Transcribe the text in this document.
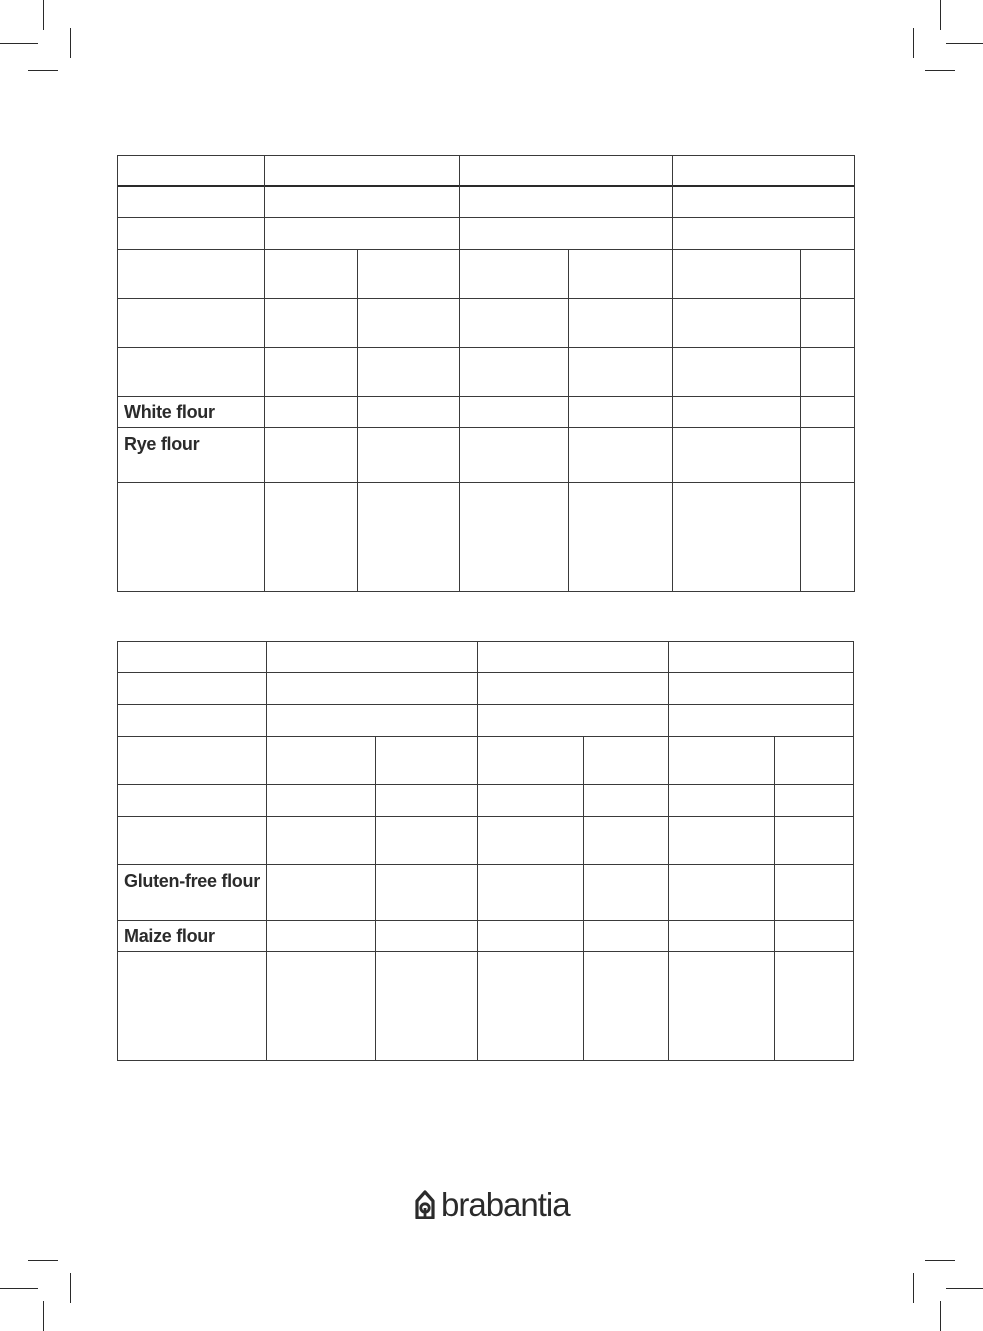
White flour
Rye flour
Gluten-free flour
Maize flour
brabantia
